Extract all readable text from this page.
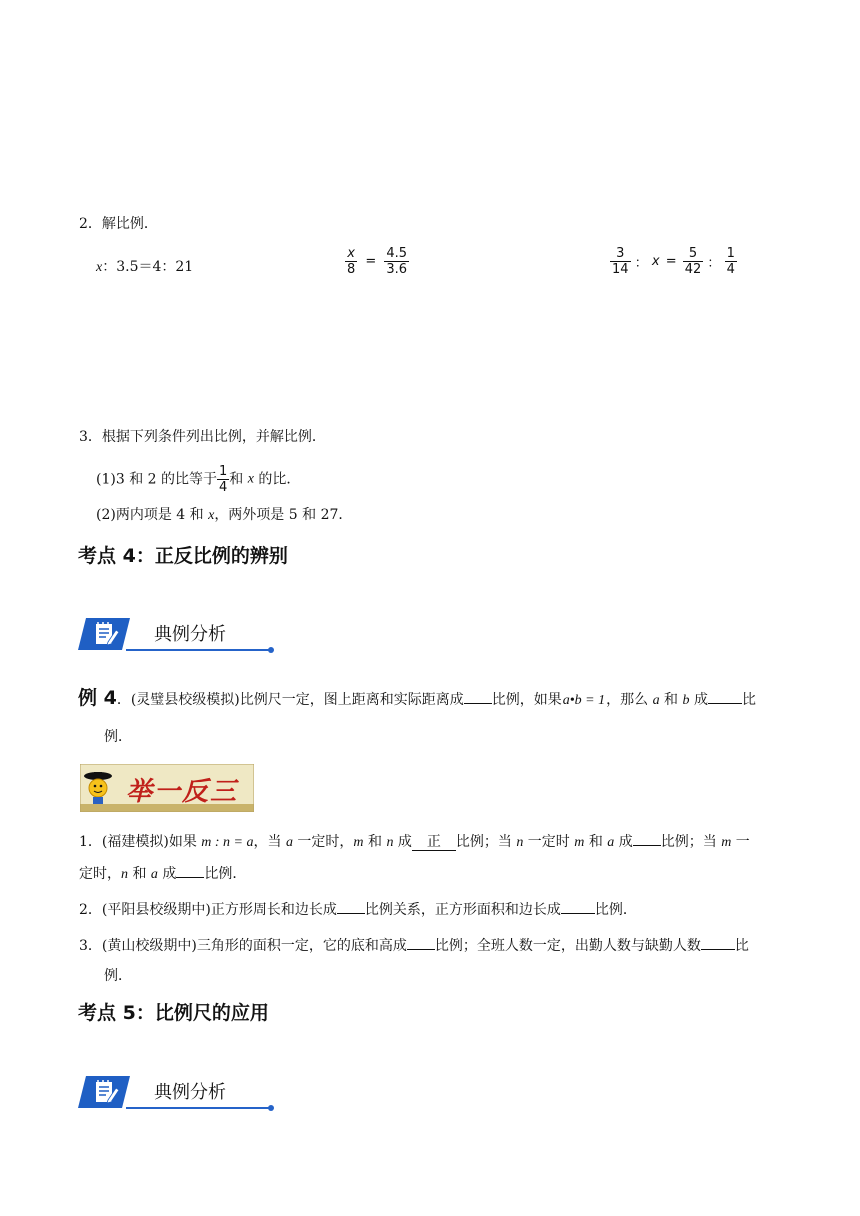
2．解比例．
x：3.5＝4：21	$\frac{x}{8} = \frac{4.5}{3.6}$	$\frac{3}{14}$ ： $x = \frac{5}{42}$ ： $\frac{1}{4}$
3．根据下列条件列出比例，并解比例．
(1)3 和 2 的比等于 $\frac{1}{4}$ 和 x 的比．
(2)两内项是 4 和 x，两外项是 5 和 27．
考点 4：正反比例的辨别
典例分析
例 4．(灵璧县校级模拟)比例尺一定，图上距离和实际距离成 比例，如果a•b = 1，那么 a 和 b 成 比
例．
举一反三
1．(福建模拟)如果 m : n = a，当 a 一定时，m 和 n 成 正 比例；当 n 一定时 m 和 a 成 比例；当 m 一
定时，n 和 a 成 比例．
2．(平阳县校级期中)正方形周长和边长成 比例关系，正方形面积和边长成 比例．
3．(黄山校级期中)三角形的面积一定，它的底和高成 比例；全班人数一定，出勤人数与缺勤人数 比
例．
考点 5：比例尺的应用
典例分析
